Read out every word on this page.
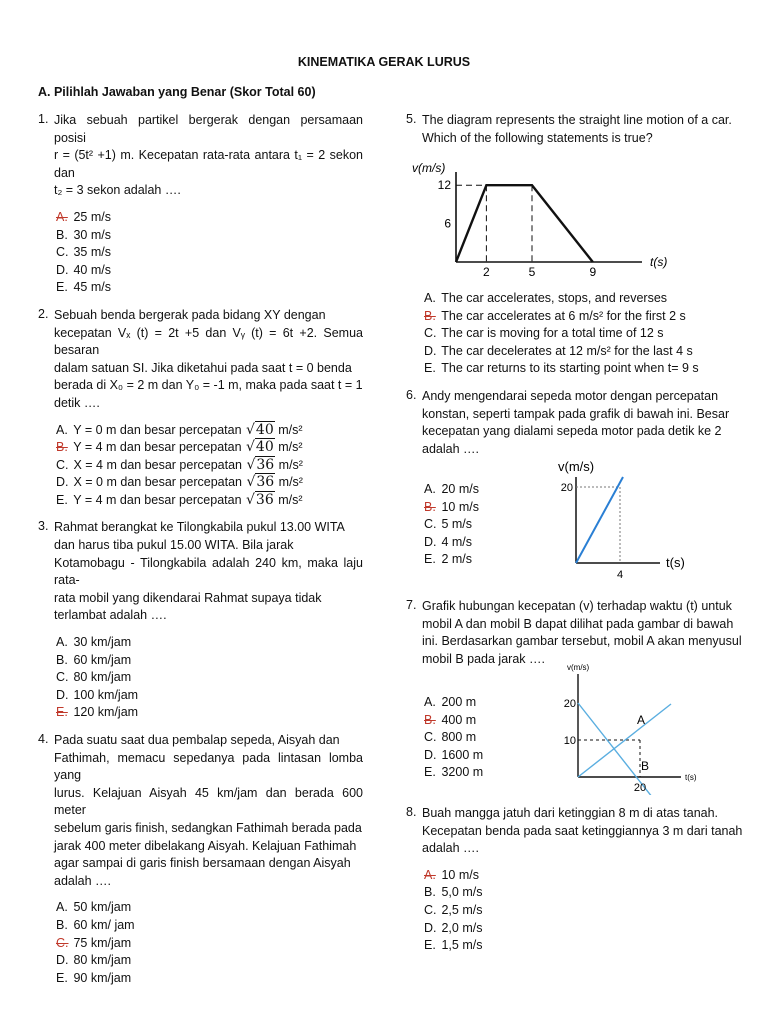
KINEMATIKA GERAK LURUS
A. Pilihlah Jawaban yang Benar (Skor Total 60)
1. Jika sebuah partikel bergerak dengan persamaan posisi
r = (5t² +1) m. Kecepatan rata-rata antara t₁ = 2 sekon dan
t₂ = 3 sekon adalah ….
A. 25 m/s
B. 30 m/s
C. 35 m/s
D. 40 m/s
E. 45 m/s
2. Sebuah benda bergerak pada bidang XY dengan
kecepatan Vₓ (t) = 2t +5 dan Vᵧ (t) = 6t +2. Semua besaran
dalam satuan SI. Jika diketahui pada saat t = 0 benda
berada di X₀ = 2 m dan Y₀ = -1 m, maka pada saat t = 1
detik ….
A. Y = 0 m dan besar percepatan √40 m/s²
B. Y = 4 m dan besar percepatan √40 m/s²
C. X = 4 m dan besar percepatan √36 m/s²
D. X = 0 m dan besar percepatan √36 m/s²
E. Y = 4 m dan besar percepatan √36 m/s²
3. Rahmat berangkat ke Tilongkabila pukul 13.00 WITA
dan harus tiba pukul 15.00 WITA. Bila jarak
Kotamobagu - Tilongkabila adalah 240 km, maka laju rata-
rata mobil yang dikendarai Rahmat supaya tidak
terlambat adalah ….
A. 30 km/jam
B. 60 km/jam
C. 80 km/jam
D. 100 km/jam
E. 120 km/jam
4. Pada suatu saat dua pembalap sepeda, Aisyah dan
Fathimah, memacu sepedanya pada lintasan lomba yang
lurus. Kelajuan Aisyah 45 km/jam dan berada 600 meter
sebelum garis finish, sedangkan Fathimah berada pada
jarak 400 meter dibelakang Aisyah. Kelajuan Fathimah
agar sampai di garis finish bersamaan dengan Aisyah
adalah ….
A. 50 km/jam
B. 60 km/ jam
C. 75 km/jam
D. 80 km/jam
E. 90 km/jam
5. The diagram represents the straight line motion of a car.
Which of the following statements is true?
v(m/s)
t(s)
2	5	9
6
12
A. The car accelerates, stops, and reverses
B. The car accelerates at 6 m/s² for the first 2 s
C. The car is moving for a total time of 12 s
D. The car decelerates at 12 m/s² for the last 4 s
E. The car returns to its starting point when t= 9 s
6. Andy mengendarai sepeda motor dengan percepatan
konstan, seperti tampak pada grafik di bawah ini. Besar
kecepatan yang dialami sepeda motor pada detik ke 2
adalah ….
A. 20 m/s
B. 10 m/s
C. 5 m/s
D. 4 m/s
E. 2 m/s
v(m/s)
t(s)
4
20
7. Grafik hubungan kecepatan (v) terhadap waktu (t) untuk
mobil A dan mobil B dapat dilihat pada gambar di bawah
ini. Berdasarkan gambar tersebut, mobil A akan menyusul
mobil B pada jarak ….
A. 200 m
B. 400 m
C. 800 m
D. 1600 m
E. 3200 m
v(m/s)
t(s)
A
B
20
10
20
8. Buah mangga jatuh dari ketinggian 8 m di atas tanah.
Kecepatan benda pada saat ketinggiannya 3 m dari tanah
adalah ….
A. 10 m/s
B. 5,0 m/s
C. 2,5 m/s
D. 2,0 m/s
E. 1,5 m/s
